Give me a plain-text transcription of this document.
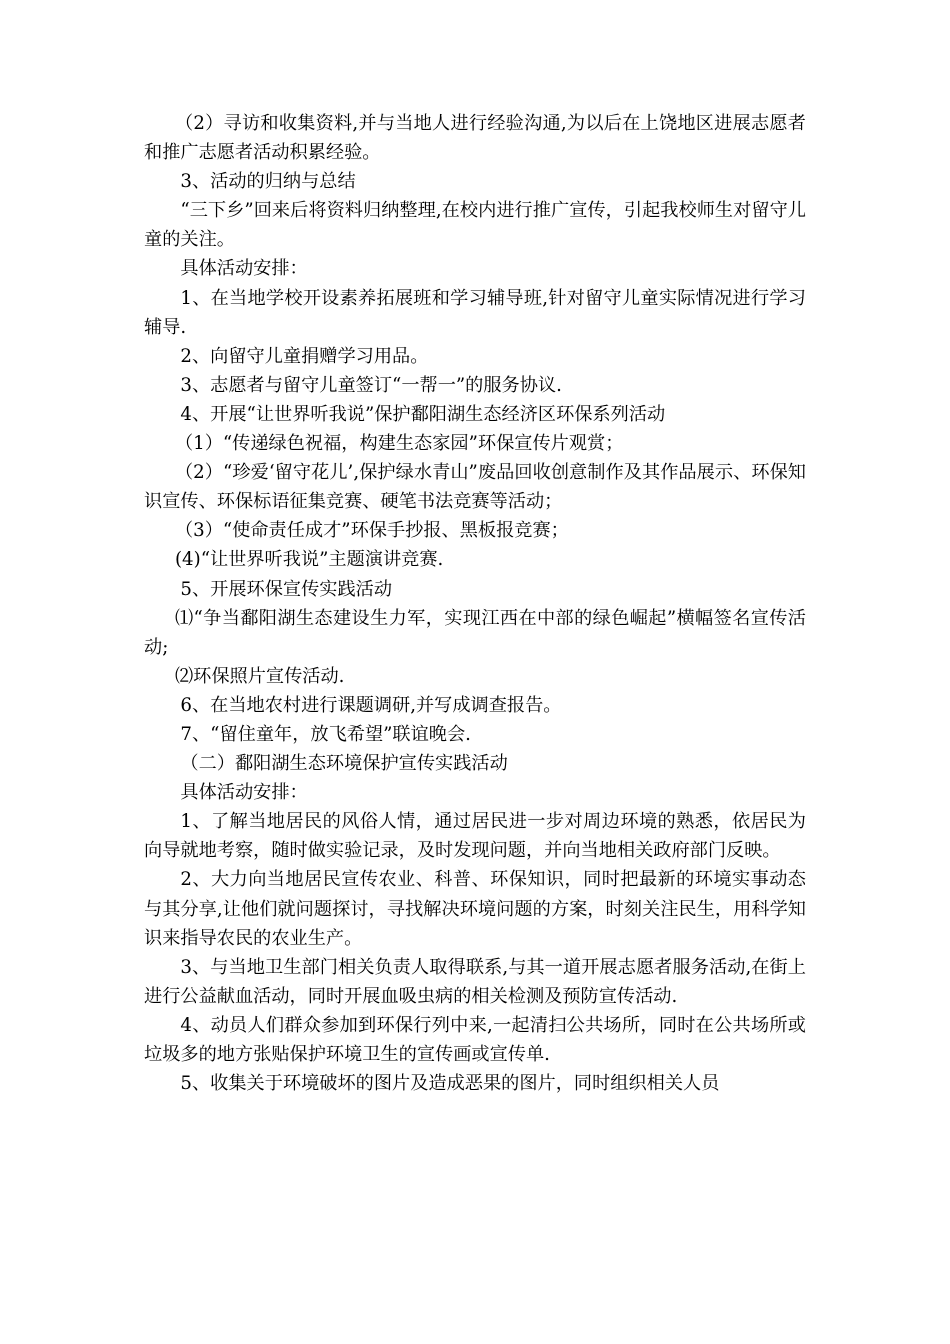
（2）寻访和收集资料,并与当地人进行经验沟通,为以后在上饶地区进展志愿者和推广志愿者活动积累经验。

3、活动的归纳与总结

“三下乡”回来后将资料归纳整理,在校内进行推广宣传，引起我校师生对留守儿童的关注。

具体活动安排：

1、在当地学校开设素养拓展班和学习辅导班,针对留守儿童实际情况进行学习辅导.

2、向留守儿童捐赠学习用品。

3、志愿者与留守儿童签订“一帮一”的服务协议.

4、开展“让世界听我说”保护鄱阳湖生态经济区环保系列活动

（1）“传递绿色祝福，构建生态家园”环保宣传片观赏；

（2）“珍爱‘留守花儿’,保护绿水青山”废品回收创意制作及其作品展示、环保知识宣传、环保标语征集竞赛、硬笔书法竞赛等活动；

（3）“使命责任成才”环保手抄报、黑板报竞赛；

(4)“让世界听我说”主题演讲竞赛.

5、开展环保宣传实践活动

⑴“争当鄱阳湖生态建设生力军，实现江西在中部的绿色崛起”横幅签名宣传活动;

⑵环保照片宣传活动.

6、在当地农村进行课题调研,并写成调查报告。

7、“留住童年，放飞希望”联谊晚会.

（二）鄱阳湖生态环境保护宣传实践活动

具体活动安排：

1、了解当地居民的风俗人情，通过居民进一步对周边环境的熟悉，依居民为向导就地考察，随时做实验记录，及时发现问题，并向当地相关政府部门反映。

2、大力向当地居民宣传农业、科普、环保知识，同时把最新的环境实事动态与其分享,让他们就问题探讨，寻找解决环境问题的方案，时刻关注民生，用科学知识来指导农民的农业生产。

3、与当地卫生部门相关负责人取得联系,与其一道开展志愿者服务活动,在街上进行公益献血活动，同时开展血吸虫病的相关检测及预防宣传活动.

4、动员人们群众参加到环保行列中来,一起清扫公共场所，同时在公共场所或垃圾多的地方张贴保护环境卫生的宣传画或宣传单.

5、收集关于环境破坏的图片及造成恶果的图片，同时组织相关人员
